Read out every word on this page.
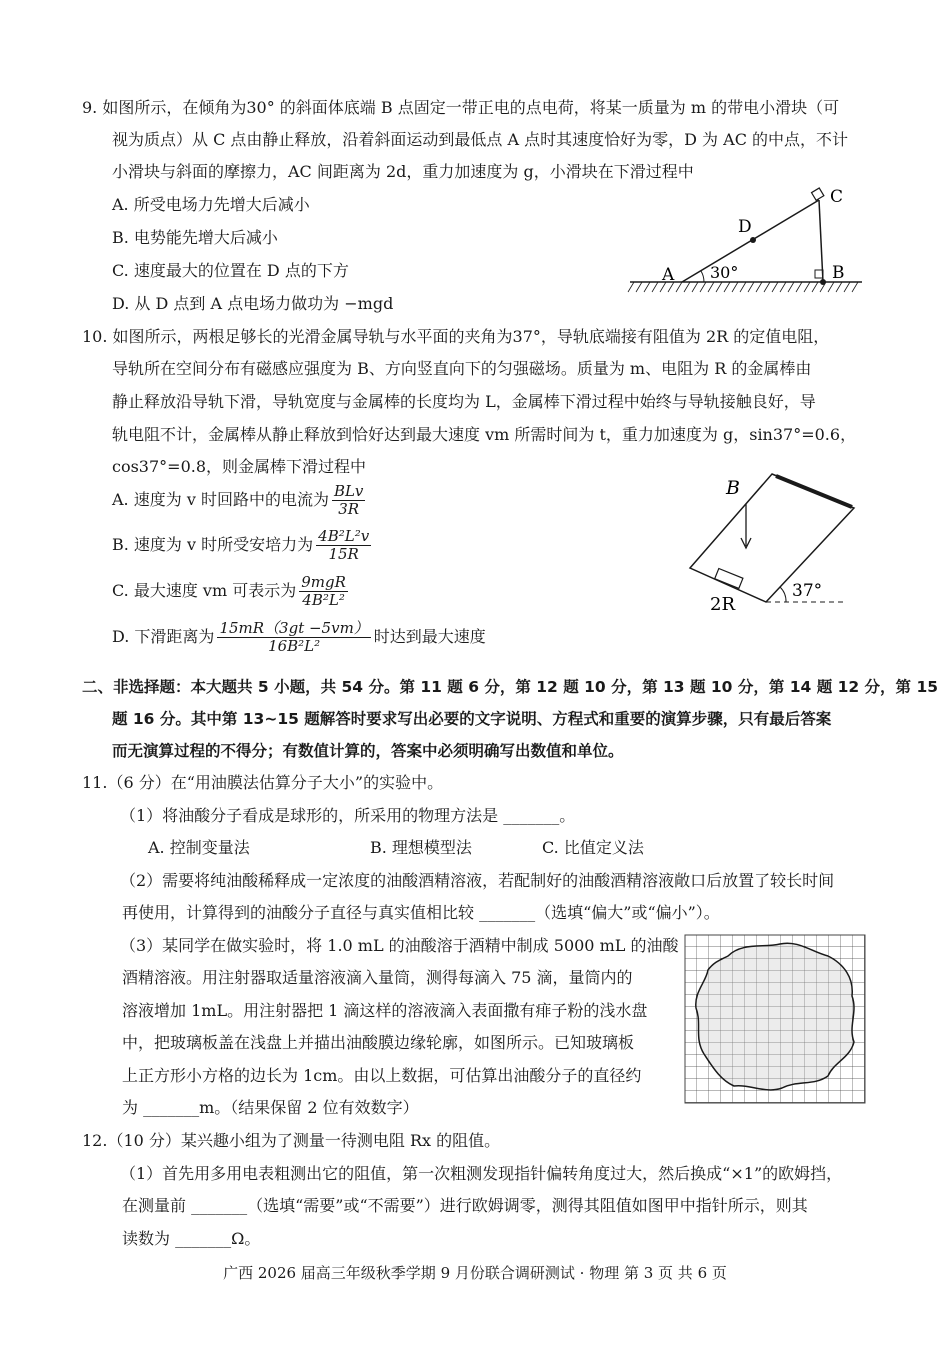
9. 如图所示，在倾角为30° 的斜面体底端 B 点固定一带正电的点电荷，将某一质量为 m 的带电小滑块（可
视为质点）从 C 点由静止释放，沿着斜面运动到最低点 A 点时其速度恰好为零，D 为 AC 的中点，不计
小滑块与斜面的摩擦力，AC 间距离为 2d，重力加速度为 g，小滑块在下滑过程中
A. 所受电场力先增大后减小
B. 电势能先增大后减小
C. 速度最大的位置在 D 点的下方
D. 从 D 点到 A 点电场力做功为 −mgd
A 30°	B
C
D
10. 如图所示，两根足够长的光滑金属导轨与水平面的夹角为37°，导轨底端接有阻值为 2R 的定值电阻，
导轨所在空间分布有磁感应强度为 B、方向竖直向下的匀强磁场。质量为 m、电阻为 R 的金属棒由
静止释放沿导轨下滑，导轨宽度与金属棒的长度均为 L，金属棒下滑过程中始终与导轨接触良好，导
轨电阻不计，金属棒从静止释放到恰好达到最大速度 vm 所需时间为 t，重力加速度为 g，sin37°=0.6，
cos37°=0.8，则金属棒下滑过程中
A. 速度为 v 时回路中的电流为 $\frac{\text{BLv}}{3R}$
B. 速度为 v 时所受安培力为 $\frac{\text{4B²L²v}}{15R}$
C. 最大速度 vm 可表示为 $\frac{\text{9mgR}}{\text{4B²L²}}$
D. 下滑距离为 $\frac{15mR(3gt -5vm)}{\text{16B²L²}}$ 时达到最大速度
B
2R
37°
二、非选择题：本大题共 5 小题，共 54 分。第 11 题 6 分，第 12 题 10 分，第 13 题 10 分，第 14 题 12 分，第 15
题 16 分。其中第 13~15 题解答时要求写出必要的文字说明、方程式和重要的演算步骤，只有最后答案
而无演算过程的不得分；有数值计算的，答案中必须明确写出数值和单位。
11.（6 分）在“用油膜法估算分子大小”的实验中。
（1）将油酸分子看成是球形的，所采用的物理方法是 _______。
A. 控制变量法	B. 理想模型法	C. 比值定义法
（2）需要将纯油酸稀释成一定浓度的油酸酒精溶液，若配制好的油酸酒精溶液敞口后放置了较长时间
再使用，计算得到的油酸分子直径与真实值相比较 _______（选填“偏大”或“偏小”）。
（3）某同学在做实验时，将 1.0 mL 的油酸溶于酒精中制成 5000 mL 的油酸
酒精溶液。用注射器取适量溶液滴入量筒，测得每滴入 75 滴，量筒内的
溶液增加 1mL。用注射器把 1 滴这样的溶液滴入表面撒有痱子粉的浅水盘
中，把玻璃板盖在浅盘上并描出油酸膜边缘轮廓，如图所示。已知玻璃板
上正方形小方格的边长为 1cm。由以上数据，可估算出油酸分子的直径约
为 _______m。（结果保留 2 位有效数字）
12.（10 分）某兴趣小组为了测量一待测电阻 Rx 的阻值。
（1）首先用多用电表粗测出它的阻值，第一次粗测发现指针偏转角度过大，然后换成“×1”的欧姆挡，
在测量前 _______（选填“需要”或“不需要”）进行欧姆调零，测得其阻值如图甲中指针所示，则其
读数为 _______Ω。
广西 2026 届高三年级秋季学期 9 月份联合调研测试 · 物理 第 3 页 共 6 页
